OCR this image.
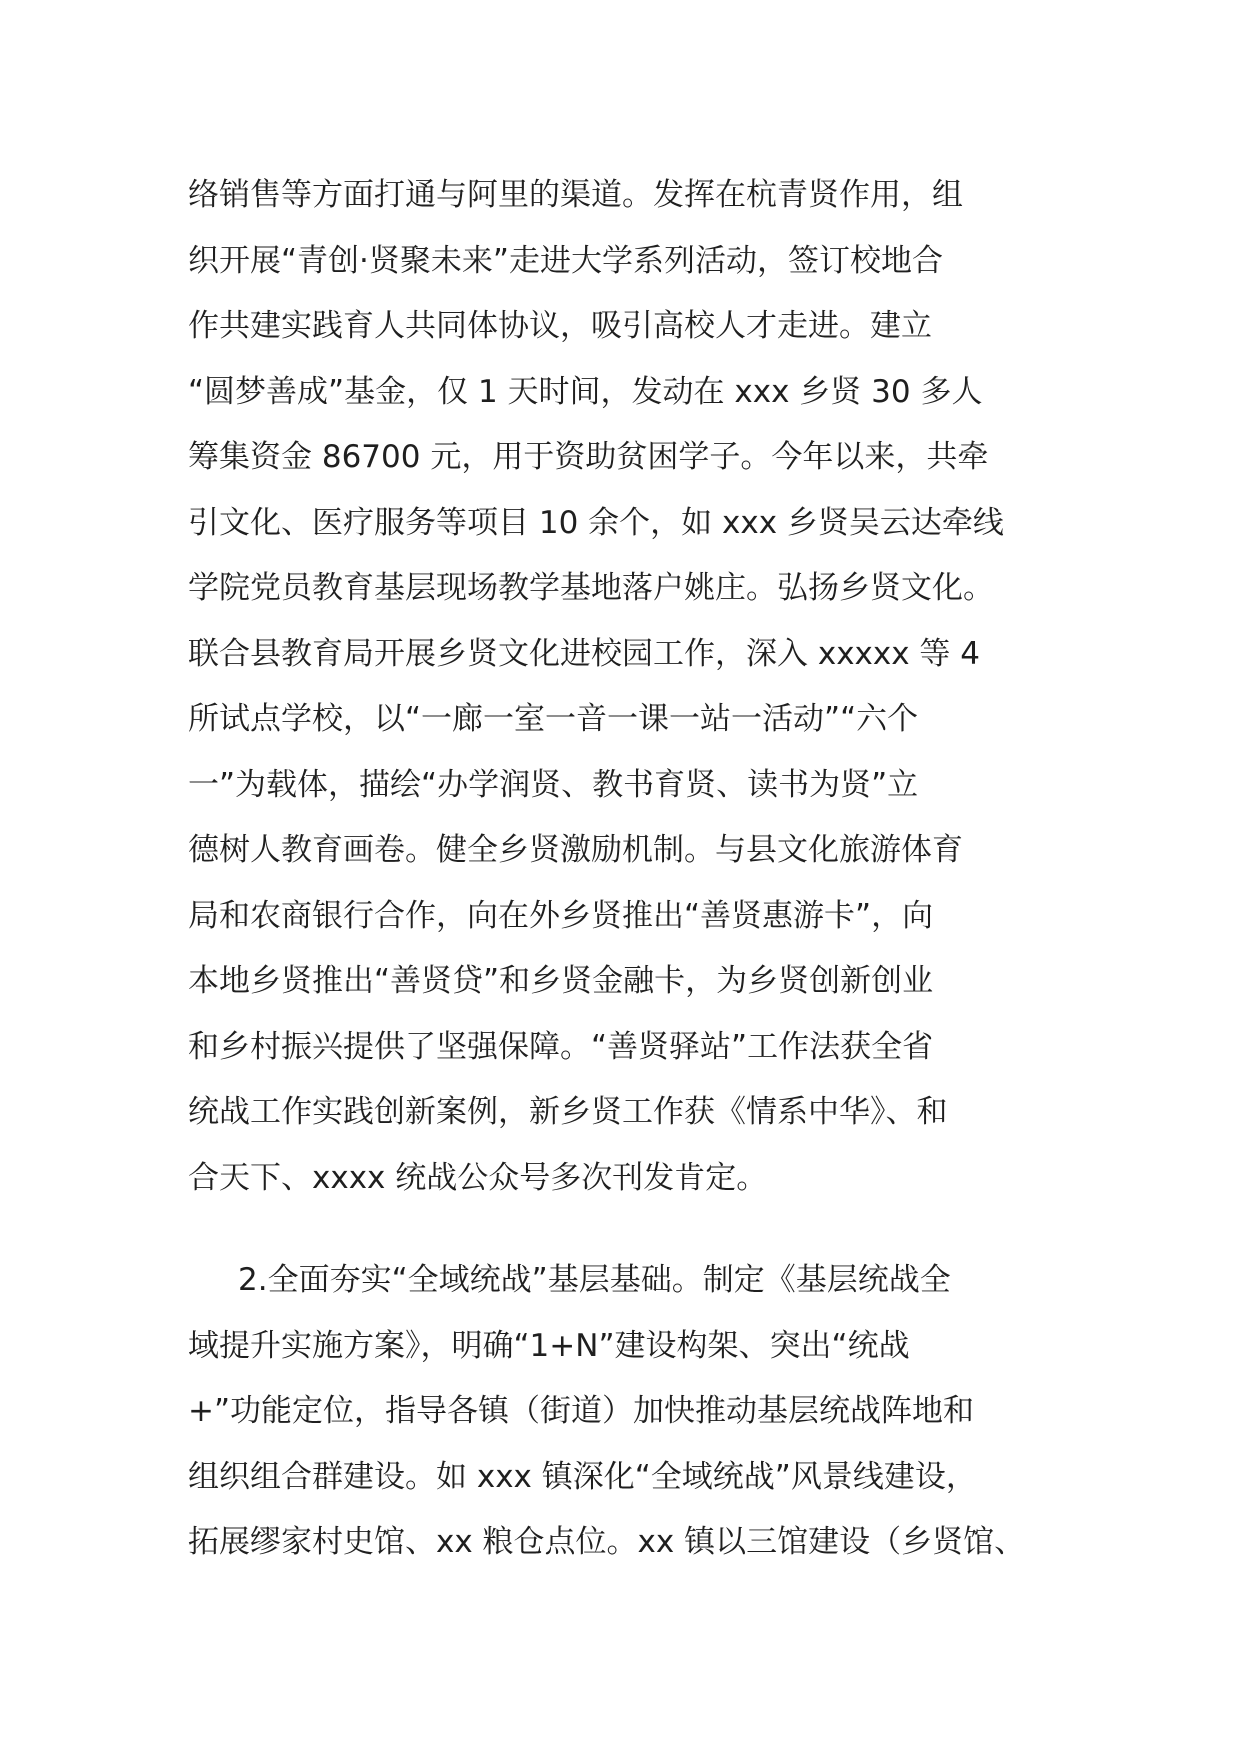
络销售等方面打通与阿里的渠道。发挥在杭青贤作用，组
织开展“青创·贤聚未来”走进大学系列活动，签订校地合
作共建实践育人共同体协议，吸引高校人才走进。建立
“圆梦善成”基金，仅 1 天时间，发动在 xxx 乡贤 30 多人
筹集资金 86700 元，用于资助贫困学子。今年以来，共牵
引文化、医疗服务等项目 10 余个，如 xxx 乡贤吴云达牵线
学院党员教育基层现场教学基地落户姚庄。弘扬乡贤文化。
联合县教育局开展乡贤文化进校园工作，深入 xxxxx 等 4
所试点学校，以“一廊一室一音一课一站一活动”“六个
一”为载体，描绘“办学润贤、教书育贤、读书为贤”立
德树人教育画卷。健全乡贤激励机制。与县文化旅游体育
局和农商银行合作，向在外乡贤推出“善贤惠游卡”，向
本地乡贤推出“善贤贷”和乡贤金融卡，为乡贤创新创业
和乡村振兴提供了坚强保障。“善贤驿站”工作法获全省
统战工作实践创新案例，新乡贤工作获《情系中华》、和
合天下、xxxx 统战公众号多次刊发肯定。
2.全面夯实“全域统战”基层基础。制定《基层统战全
域提升实施方案》，明确“1+N”建设构架、突出“统战
+”功能定位，指导各镇（街道）加快推动基层统战阵地和
组织组合群建设。如 xxx 镇深化“全域统战”风景线建设，
拓展缪家村史馆、xx 粮仓点位。xx 镇以三馆建设（乡贤馆、
